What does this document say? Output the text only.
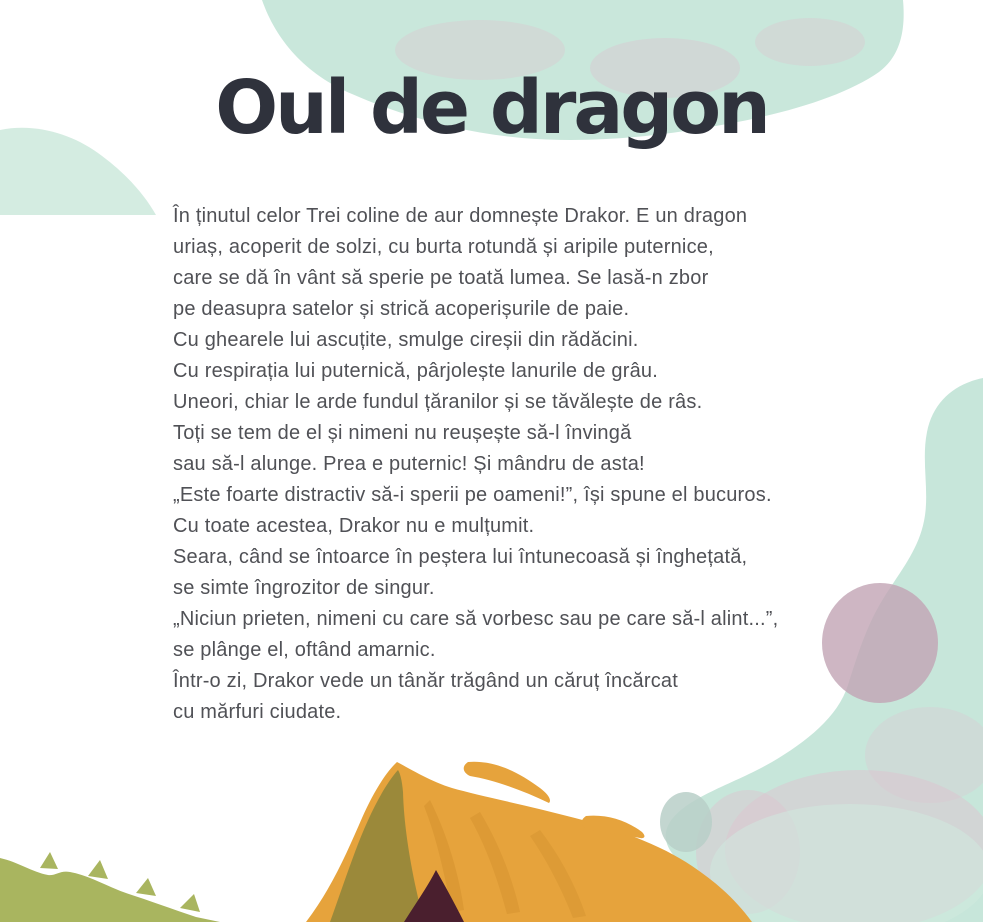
Oul de dragon
În ținutul celor Trei coline de aur domnește Drakor. E un dragon
uriaș, acoperit de solzi, cu burta rotundă și aripile puternice,
care se dă în vânt să sperie pe toată lumea. Se lasă-n zbor
pe deasupra satelor și strică acoperișurile de paie.
Cu ghearele lui ascuțite, smulge cireșii din rădăcini.
Cu respirația lui puternică, pârjolește lanurile de grâu.
Uneori, chiar le arde fundul țăranilor și se tăvălește de râs.
Toți se tem de el și nimeni nu reușește să-l învingă
sau să-l alunge. Prea e puternic! Și mândru de asta!
„Este foarte distractiv să-i sperii pe oameni!”, își spune el bucuros.
Cu toate acestea, Drakor nu e mulțumit.
Seara, când se întoarce în peștera lui întunecoasă și înghețată,
se simte îngrozitor de singur.
„Niciun prieten, nimeni cu care să vorbesc sau pe care să-l alint...”,
se plânge el, oftând amarnic.
Într-o zi, Drakor vede un tânăr trăgând un căruț încărcat
cu mărfuri ciudate.
